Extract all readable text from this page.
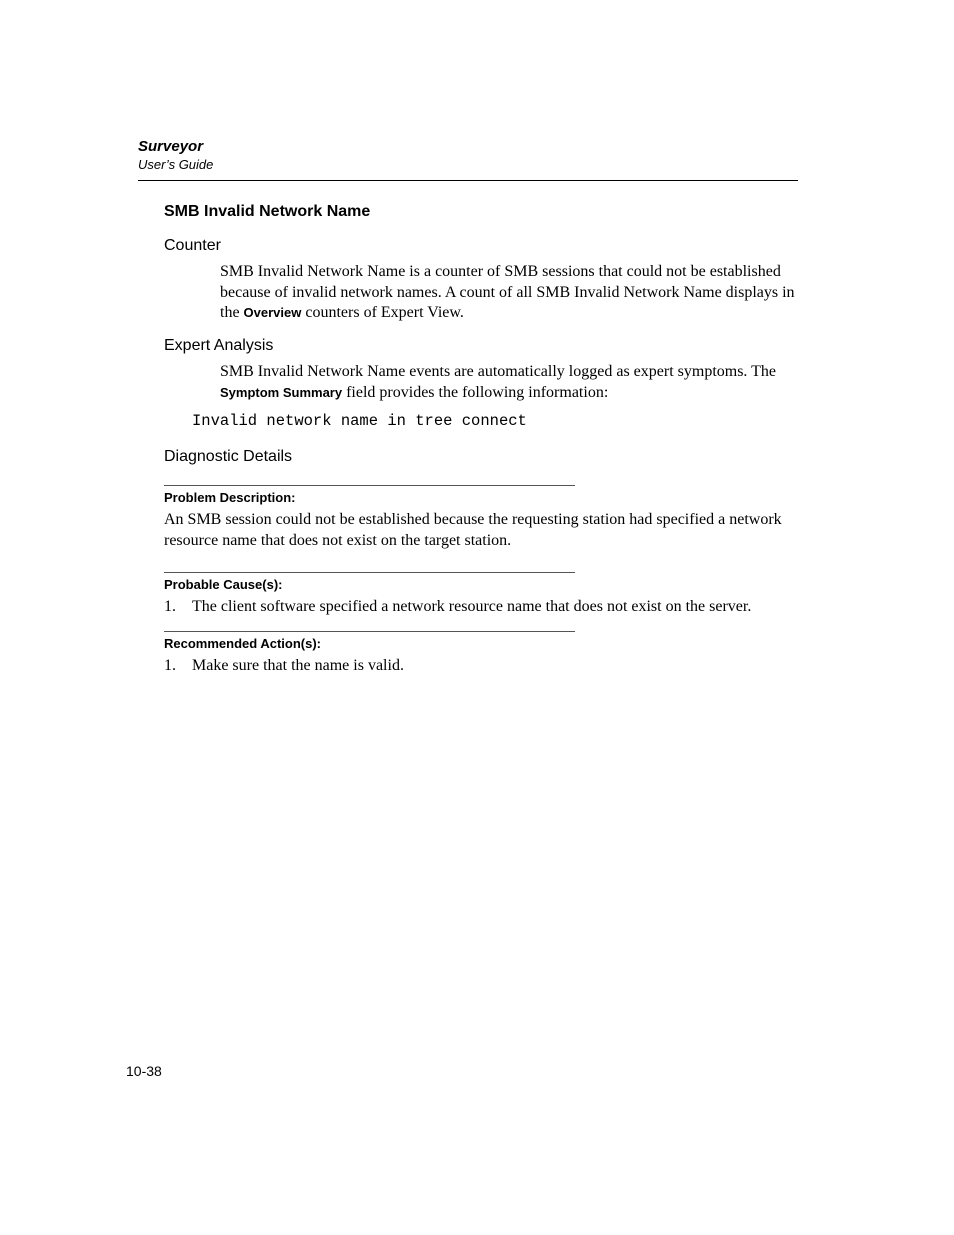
Surveyor
User’s Guide
SMB Invalid Network Name
Counter
SMB Invalid Network Name is a counter of SMB sessions that could not be established because of invalid network names. A count of all SMB Invalid Network Name displays in the Overview counters of Expert View.
Expert Analysis
SMB Invalid Network Name events are automatically logged as expert symptoms. The Symptom Summary field provides the following information:
Invalid network name in tree connect
Diagnostic Details
Problem Description:
An SMB session could not be established because the requesting station had specified a network resource name that does not exist on the target station.
Probable Cause(s):
1. The client software specified a network resource name that does not exist on the server.
Recommended Action(s):
1. Make sure that the name is valid.
10-38
